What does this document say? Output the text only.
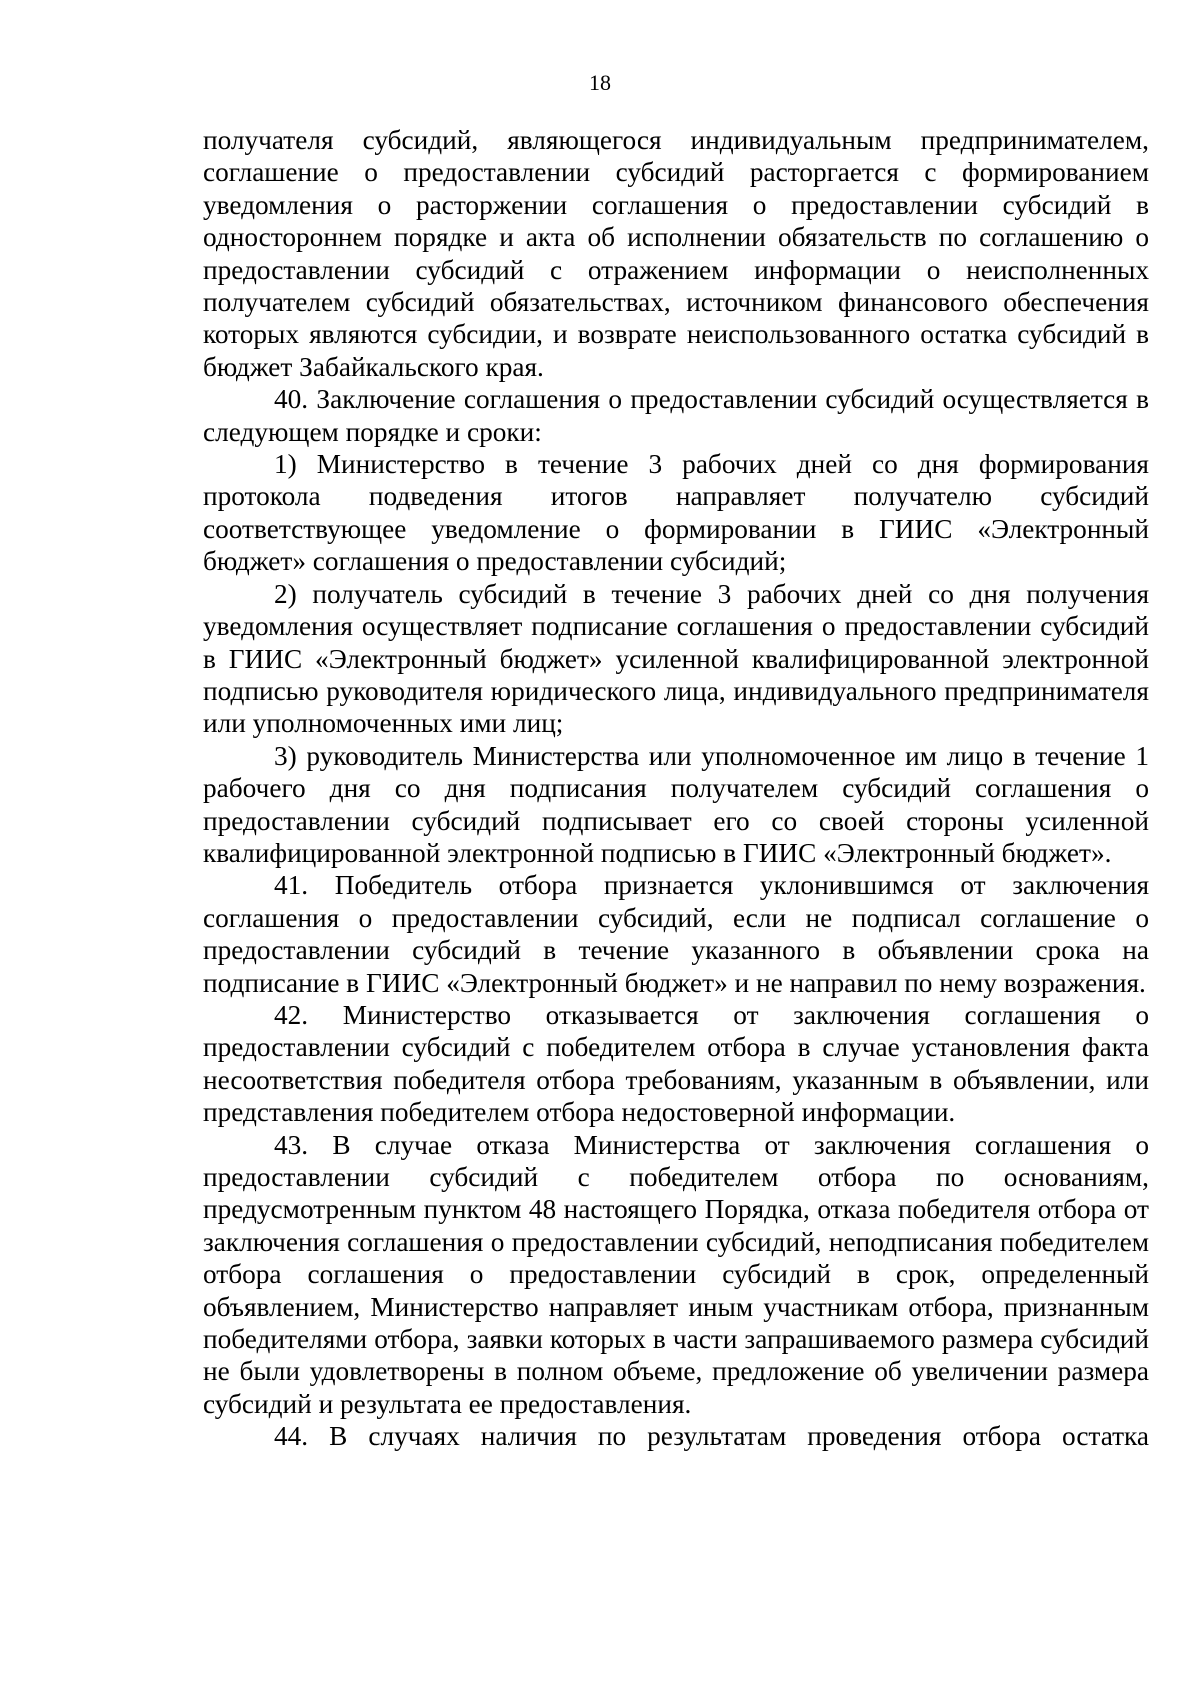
18

получателя субсидий, являющегося индивидуальным предпринимателем, соглашение о предоставлении субсидий расторгается с формированием уведомления о расторжении соглашения о предоставлении субсидий в одностороннем порядке и акта об исполнении обязательств по соглашению о предоставлении субсидий с отражением информации о неисполненных получателем субсидий обязательствах, источником финансового обеспечения которых являются субсидии, и возврате неиспользованного остатка субсидий в бюджет Забайкальского края.

40. Заключение соглашения о предоставлении субсидий осуществляется в следующем порядке и сроки:

1) Министерство в течение 3 рабочих дней со дня формирования протокола подведения итогов направляет получателю субсидий соответствующее уведомление о формировании в ГИИС «Электронный бюджет» соглашения о предоставлении субсидий;

2) получатель субсидий в течение 3 рабочих дней со дня получения уведомления осуществляет подписание соглашения о предоставлении субсидий в ГИИС «Электронный бюджет» усиленной квалифицированной электронной подписью руководителя юридического лица, индивидуального предпринимателя или уполномоченных ими лиц;

3) руководитель Министерства или уполномоченное им лицо в течение 1 рабочего дня со дня подписания получателем субсидий соглашения о предоставлении субсидий подписывает его со своей стороны усиленной квалифицированной электронной подписью в ГИИС «Электронный бюджет».

41. Победитель отбора признается уклонившимся от заключения соглашения о предоставлении субсидий, если не подписал соглашение о предоставлении субсидий в течение указанного в объявлении срока на подписание в ГИИС «Электронный бюджет» и не направил по нему возражения.

42. Министерство отказывается от заключения соглашения о предоставлении субсидий с победителем отбора в случае установления факта несоответствия победителя отбора требованиям, указанным в объявлении, или представления победителем отбора недостоверной информации.

43. В случае отказа Министерства от заключения соглашения о предоставлении субсидий с победителем отбора по основаниям, предусмотренным пунктом 48 настоящего Порядка, отказа победителя отбора от заключения соглашения о предоставлении субсидий, неподписания победителем отбора соглашения о предоставлении субсидий в срок, определенный объявлением, Министерство направляет иным участникам отбора, признанным победителями отбора, заявки которых в части запрашиваемого размера субсидий не были удовлетворены в полном объеме, предложение об увеличении размера субсидий и результата ее предоставления.

44. В случаях наличия по результатам проведения отбора остатка
